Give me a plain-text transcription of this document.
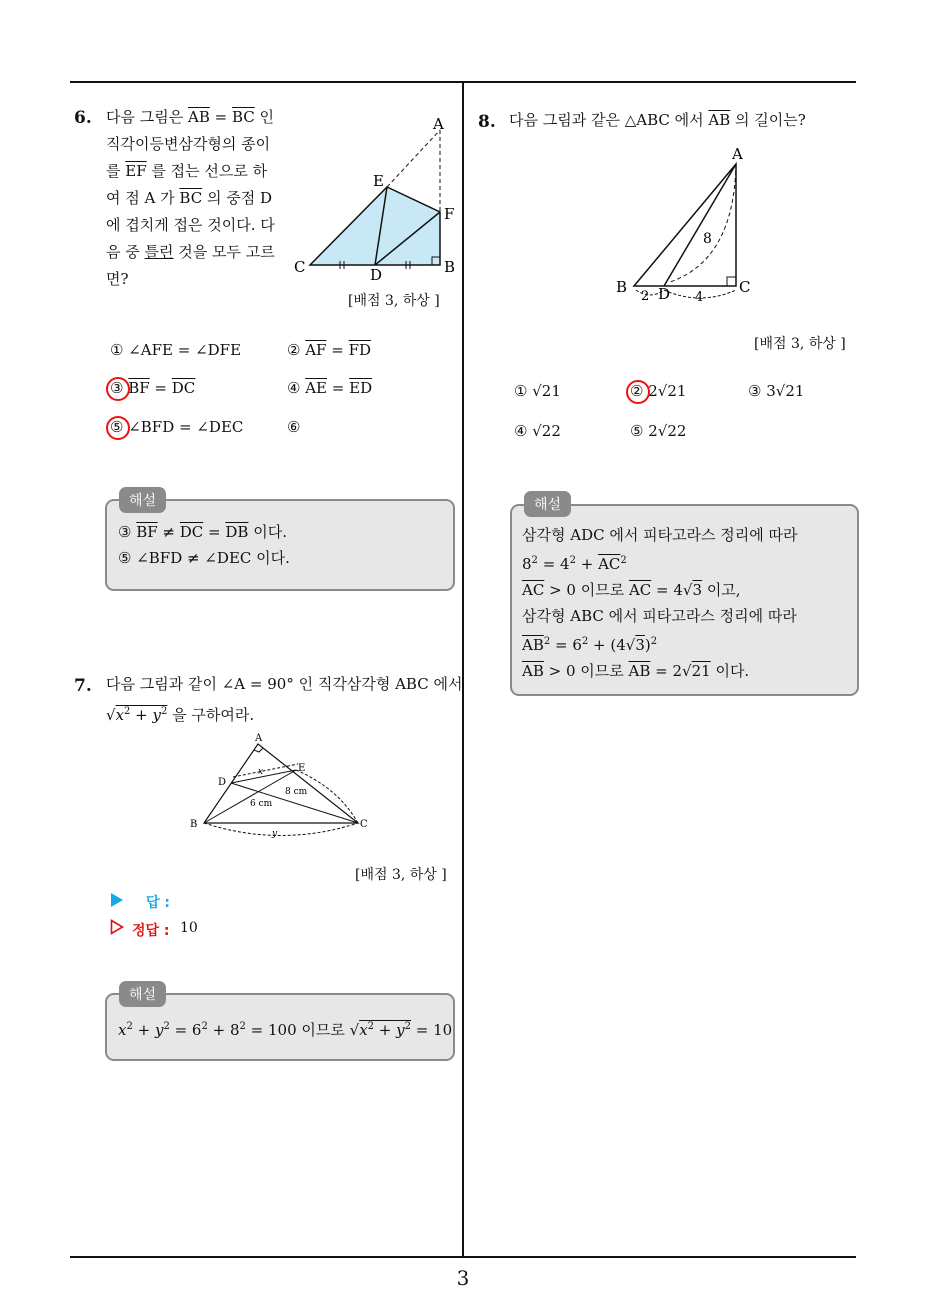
3
6. 다음 그림은 $\overline{AB} = \overline{BC}$ 인
직각이등변삼각형의 종이
를 $\overline{EF}$ 를 접는 선으로 하
여 점 A 가 $\overline{BC}$ 의 중점 D
에 겹치게 접은 것이다. 다
음 중 틀린 것을 모두 고르
면?
A
E
F
C	D	B
[배점 3, 하상 ]
① ∠AFE = ∠DFE	② $\overline{AF} = \overline{FD}$
③ $\overline{BF} = \overline{DC}$	④ $\overline{AE} = \overline{ED}$
⑤ ∠BFD = ∠DEC	⑥
해설
③ $\overline{BF} \ne \overline{DC} = \overline{DB}$ 이다.
⑤ ∠BFD ≠ ∠DEC 이다.
7. 다음 그림과 같이 ∠A = 90° 인 직각삼각형 ABC 에서
$√x^2 + y^2$ 을 구하여라.
A
D
E
B	C
x
8 cm
6 cm
y
[배점 3, 하상 ]
답 :
정답 : 10
해설
$x^2 + y^2 = 6^2 + 8^2 = 100$ 이므로 $√x^2 + y^2 = 10$
8. 다음 그림과 같은 △ABC 에서 $\overline{AB}$ 의 길이는?
A
8
B
2 D 4
C
[배점 3, 하상 ]
① √21	② 2√21	③ 3√21
④ √22	⑤ 2√22
해설
삼각형 ADC 에서 피타고라스 정리에 따라
$8^2 = 4^2 + \overline{AC}^2$
$\overline{AC} > 0$ 이므로 $\overline{AC} = 4√3$ 이고,
삼각형 ABC 에서 피타고라스 정리에 따라
$\overline{AB}^2 = 6^2 + (4√3)^2$
$\overline{AB} > 0$ 이므로 $\overline{AB} = 2√21$ 이다.
